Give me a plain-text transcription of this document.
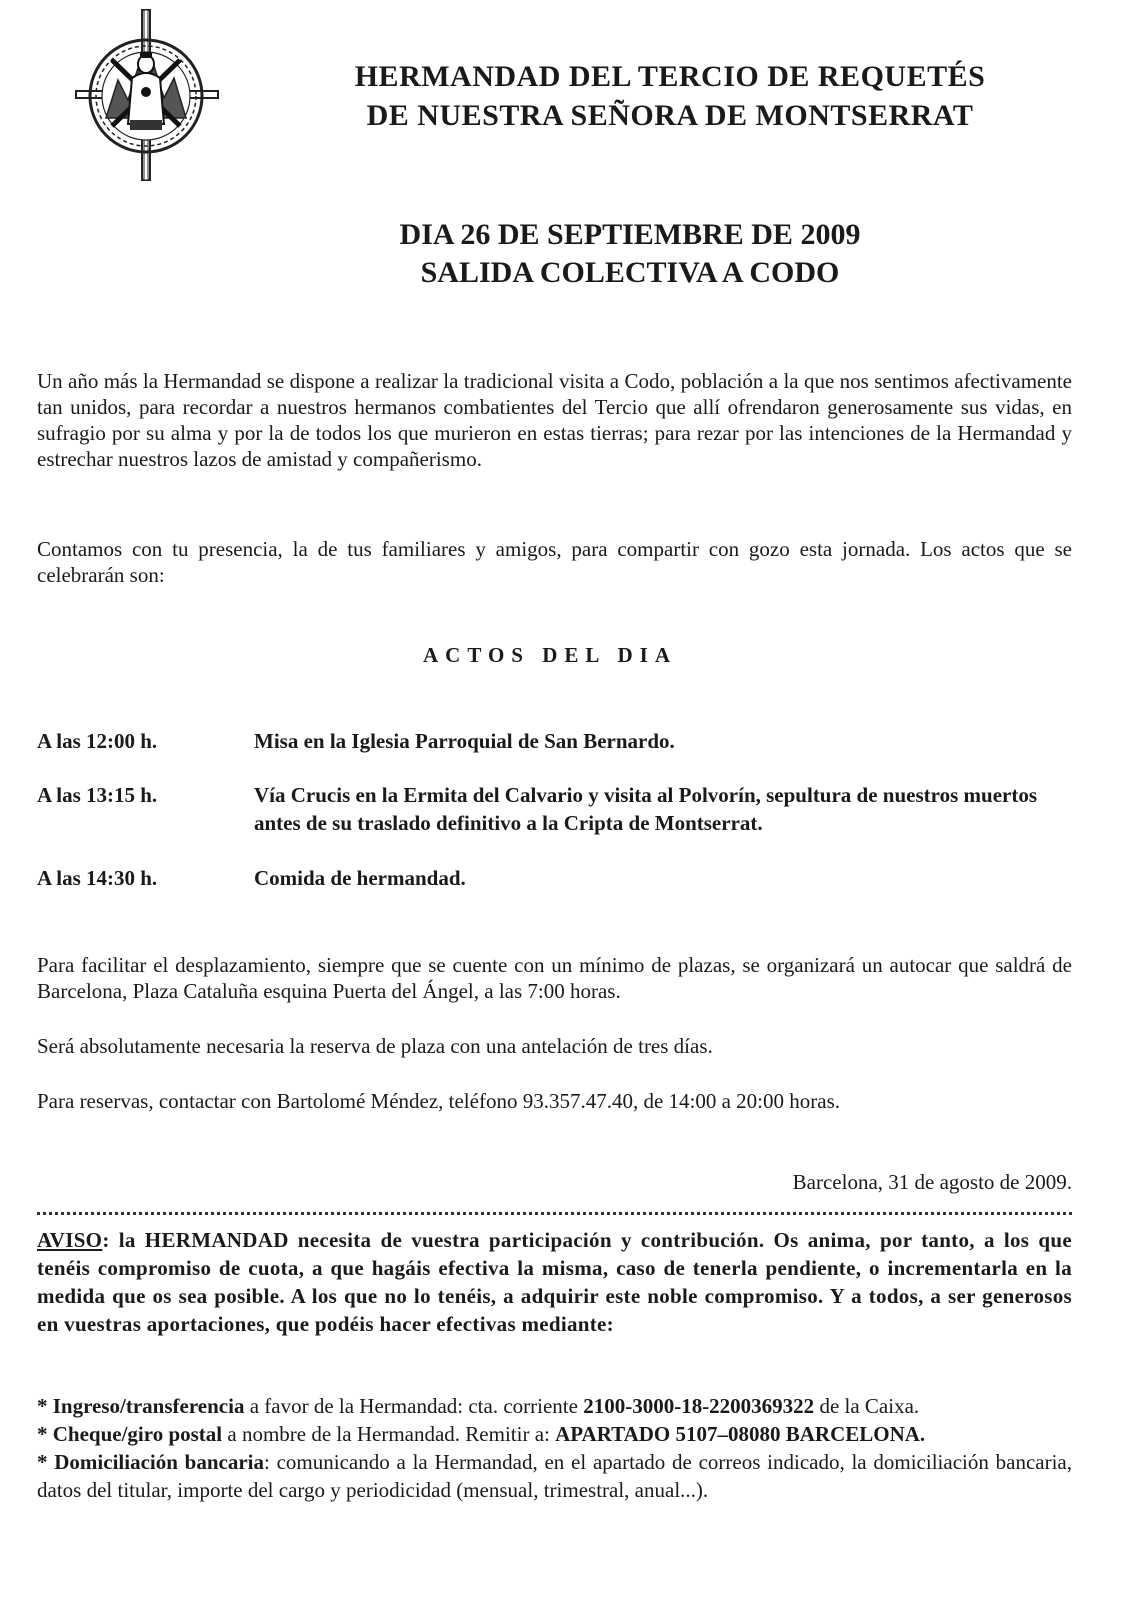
HERMANDAD DEL TERCIO DE REQUETÉS
DE NUESTRA SEÑORA DE MONTSERRAT
DIA 26 DE SEPTIEMBRE DE 2009
SALIDA COLECTIVA A CODO
Un año más la Hermandad se dispone a realizar la tradicional visita a Codo, población a la que nos sentimos afectivamente tan unidos, para recordar a nuestros hermanos combatientes del Tercio que allí ofrendaron generosamente sus vidas, en sufragio por su alma y por la de todos los que murieron en estas tierras; para rezar por las intenciones de la Hermandad y estrechar nuestros lazos de amistad y compañerismo.
Contamos con tu presencia, la de tus familiares y amigos, para compartir con gozo esta jornada. Los actos que se celebrarán son:
ACTOS DEL DIA
A las 12:00 h.	Misa en la Iglesia Parroquial de San Bernardo.
A las 13:15 h.	Vía Crucis en la Ermita del Calvario y visita al Polvorín, sepultura de nuestros muertos antes de su traslado definitivo a la Cripta de Montserrat.
A las 14:30 h.	Comida de hermandad.
Para facilitar el desplazamiento, siempre que se cuente con un mínimo de plazas, se organizará un autocar que saldrá de Barcelona, Plaza Cataluña esquina Puerta del Ángel, a las 7:00 horas.
Será absolutamente necesaria la reserva de plaza con una antelación de tres días.
Para reservas, contactar con Bartolomé Méndez, teléfono 93.357.47.40, de 14:00 a 20:00 horas.
Barcelona, 31 de agosto de 2009.
AVISO: la HERMANDAD necesita de vuestra participación y contribución. Os anima, por tanto, a los que tenéis compromiso de cuota, a que hagáis efectiva la misma, caso de tenerla pendiente, o incrementarla en la medida que os sea posible. A los que no lo tenéis, a adquirir este noble compromiso. Y a todos, a ser generosos en vuestras aportaciones, que podéis hacer efectivas mediante:
* Ingreso/transferencia a favor de la Hermandad: cta. corriente 2100-3000-18-2200369322 de la Caixa.
* Cheque/giro postal a nombre de la Hermandad. Remitir a: APARTADO 5107–08080 BARCELONA.
* Domiciliación bancaria: comunicando a la Hermandad, en el apartado de correos indicado, la domiciliación bancaria, datos del titular, importe del cargo y periodicidad (mensual, trimestral, anual...).
